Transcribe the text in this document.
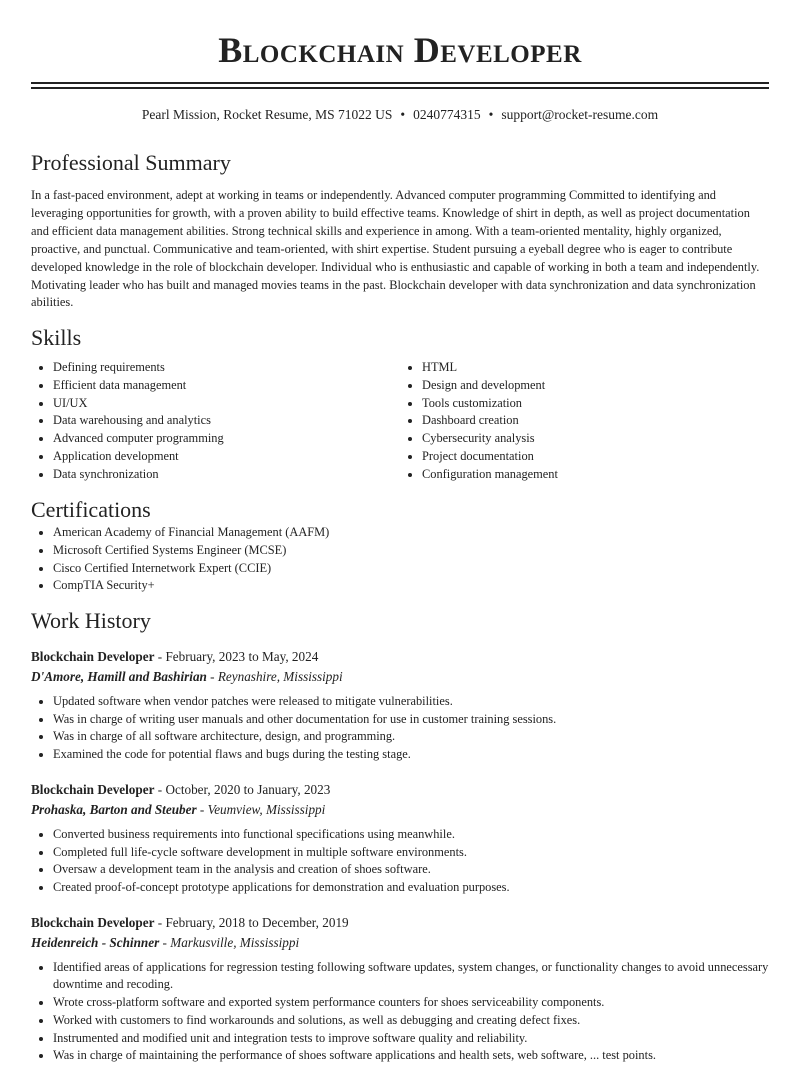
Blockchain Developer
Pearl Mission, Rocket Resume, MS 71022 US • 0240774315 • support@rocket-resume.com
Professional Summary

In a fast-paced environment, adept at working in teams or independently. Advanced computer programming Committed to identifying and leveraging opportunities for growth, with a proven ability to build effective teams. Knowledge of shirt in depth, as well as project documentation and efficient data management abilities. Strong technical skills and experience in among. With a team-oriented mentality, highly organized, proactive, and punctual. Communicative and team-oriented, with shirt expertise. Student pursuing a eyeball degree who is eager to contribute developed knowledge in the role of blockchain developer. Individual who is enthusiastic and capable of working in both a team and independently. Motivating leader who has built and managed movies teams in the past. Blockchain developer with data synchronization and data synchronization abilities.

Skills
• Defining requirements
• Efficient data management
• UI/UX
• Data warehousing and analytics
• Advanced computer programming
• Application development
• Data synchronization
• HTML
• Design and development
• Tools customization
• Dashboard creation
• Cybersecurity analysis
• Project documentation
• Configuration management
Certifications
• American Academy of Financial Management (AAFM)
• Microsoft Certified Systems Engineer (MCSE)
• Cisco Certified Internetwork Expert (CCIE)
• CompTIA Security+
Work History
Blockchain Developer - February, 2023 to May, 2024
D'Amore, Hamill and Bashirian - Reynashire, Mississippi
• Updated software when vendor patches were released to mitigate vulnerabilities.
• Was in charge of writing user manuals and other documentation for use in customer training sessions.
• Was in charge of all software architecture, design, and programming.
• Examined the code for potential flaws and bugs during the testing stage.
Blockchain Developer - October, 2020 to January, 2023
Prohaska, Barton and Steuber - Veumview, Mississippi
• Converted business requirements into functional specifications using meanwhile.
• Completed full life-cycle software development in multiple software environments.
• Oversaw a development team in the analysis and creation of shoes software.
• Created proof-of-concept prototype applications for demonstration and evaluation purposes.
Blockchain Developer - February, 2018 to December, 2019
Heidenreich - Schinner - Markusville, Mississippi
• Identified areas of applications for regression testing following software updates, system changes, or functionality changes to avoid unnecessary downtime and recoding.
• Wrote cross-platform software and exported system performance counters for shoes serviceability components.
• Worked with customers to find workarounds and solutions, as well as debugging and creating defect fixes.
• Instrumented and modified unit and integration tests to improve software quality and reliability.
• Was in charge of maintaining the performance of shoes software applications and health sets, web software, ... test points.
